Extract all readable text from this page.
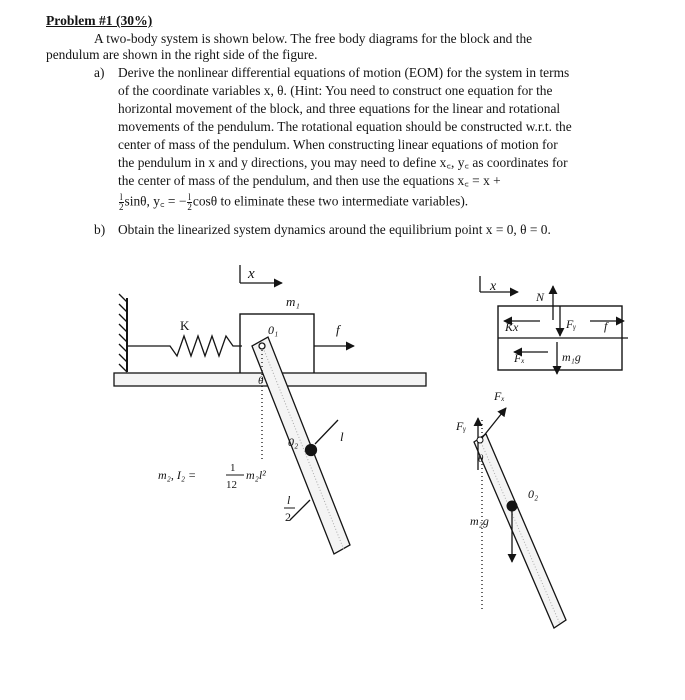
Problem #1 (30%)
A two-body system is shown below. The free body diagrams for the block and the
pendulum are shown in the right side of the figure.
a) Derive the nonlinear differential equations of motion (EOM) for the system in terms
of the coordinate variables x, θ. (Hint: You need to construct one equation for the
horizontal movement of the block, and three equations for the linear and rotational
movements of the pendulum. The rotational equation should be constructed w.r.t. the
center of mass of the pendulum. When constructing linear equations of motion for
the pendulum in x and y directions, you may need to define x꜀, y꜀ as coordinates for
the center of mass of the pendulum, and then use the equations x꜀ = x +
$\frac{l}{2} \sin\theta$, y꜀ = − $\frac{l}{2}$ cosθ to eliminate these two intermediate variables).
b) Obtain the linearized system dynamics around the equilibrium point x = 0, θ = 0.
x
m₁
K	0₁	f
θ
0₂	l
m₂, I₂ =	1
12
m₂l²
l
2
x
N
Kx	Fᵧ f
Fₓ	m₁g
Fₓ
Fᵧ
θ
0₂
m₂g
